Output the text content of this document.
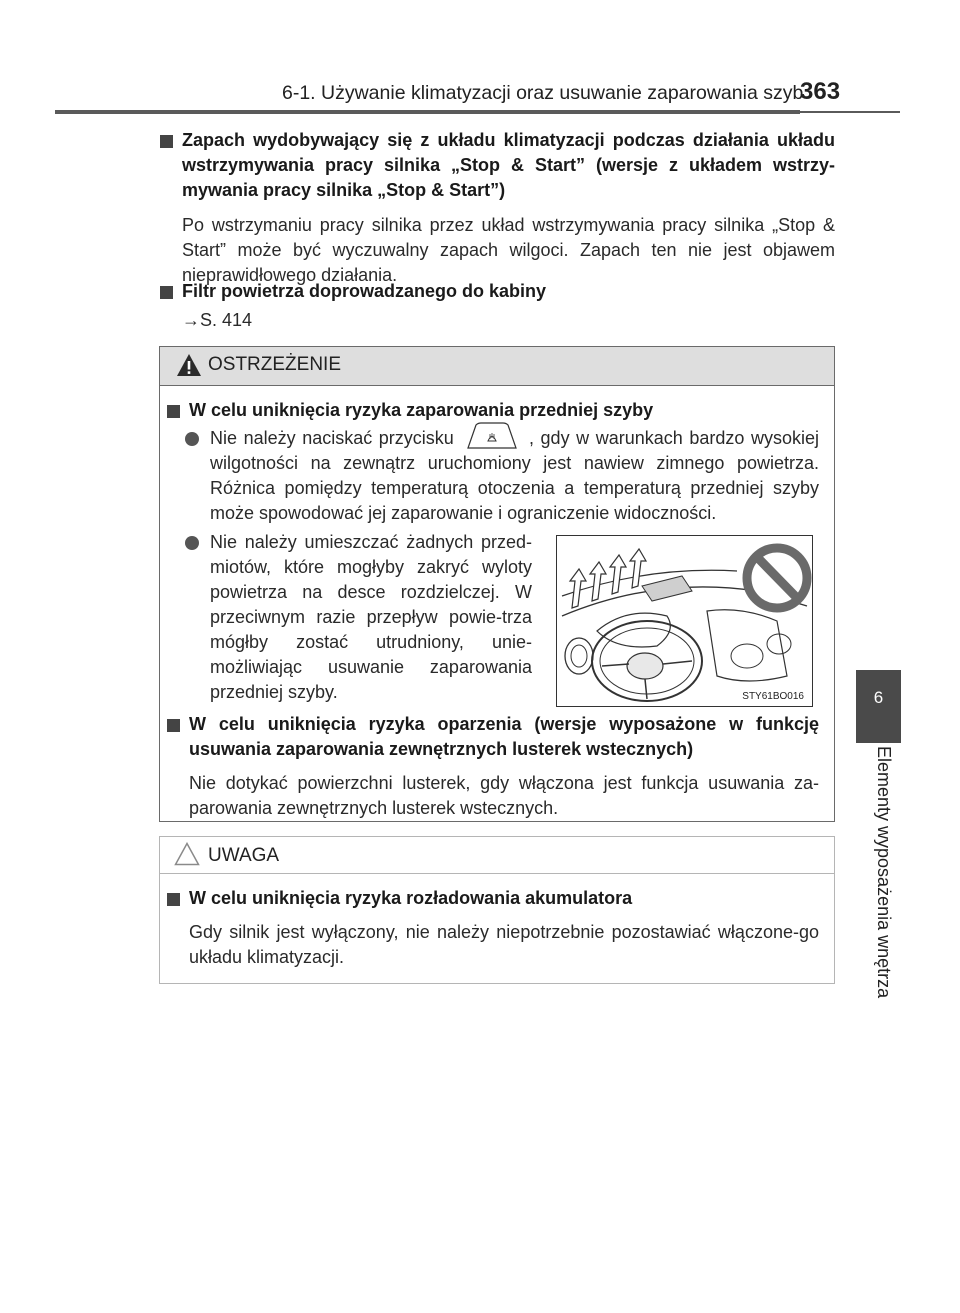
6-1. Używanie klimatyzacji oraz usuwanie zaparowania szyb
363
6
Elementy wyposażenia wnętrza
Zapach wydobywający się z układu klimatyzacji podczas działania układu wstrzymywania pracy silnika „Stop & Start” (wersje z układem wstrzy-mywania pracy silnika „Stop & Start”)
Po wstrzymaniu pracy silnika przez układ wstrzymywania pracy silnika „Stop & Start” może być wyczuwalny zapach wilgoci. Zapach ten nie jest objawem nieprawidłowego działania.
Filtr powietrza doprowadzanego do kabiny
→S. 414
OSTRZEŻENIE
W celu uniknięcia ryzyka zaparowania przedniej szyby
Nie należy naciskać przycisku	, gdy w warunkach bardzo wysokiej wilgotności na zewnątrz uruchomiony jest nawiew zimnego powietrza. Różnica pomiędzy temperaturą otoczenia a temperaturą przedniej szyby może spowodować jej zaparowanie i ograniczenie widoczności.
Nie należy umieszczać żadnych przed-miotów, które mogłyby zakryć wyloty powietrza na desce rozdzielczej. W przeciwnym razie przepływ powie-trza mógłby zostać utrudniony, unie-możliwiając usuwanie zaparowania przedniej szyby.	STY61BO016
W celu uniknięcia ryzyka oparzenia (wersje wyposażone w funkcję usuwania zaparowania zewnętrznych lusterek wstecznych)
Nie dotykać powierzchni lusterek, gdy włączona jest funkcja usuwania za-parowania zewnętrznych lusterek wstecznych.
UWAGA
W celu uniknięcia ryzyka rozładowania akumulatora
Gdy silnik jest wyłączony, nie należy niepotrzebnie pozostawiać włączone-go układu klimatyzacji.
